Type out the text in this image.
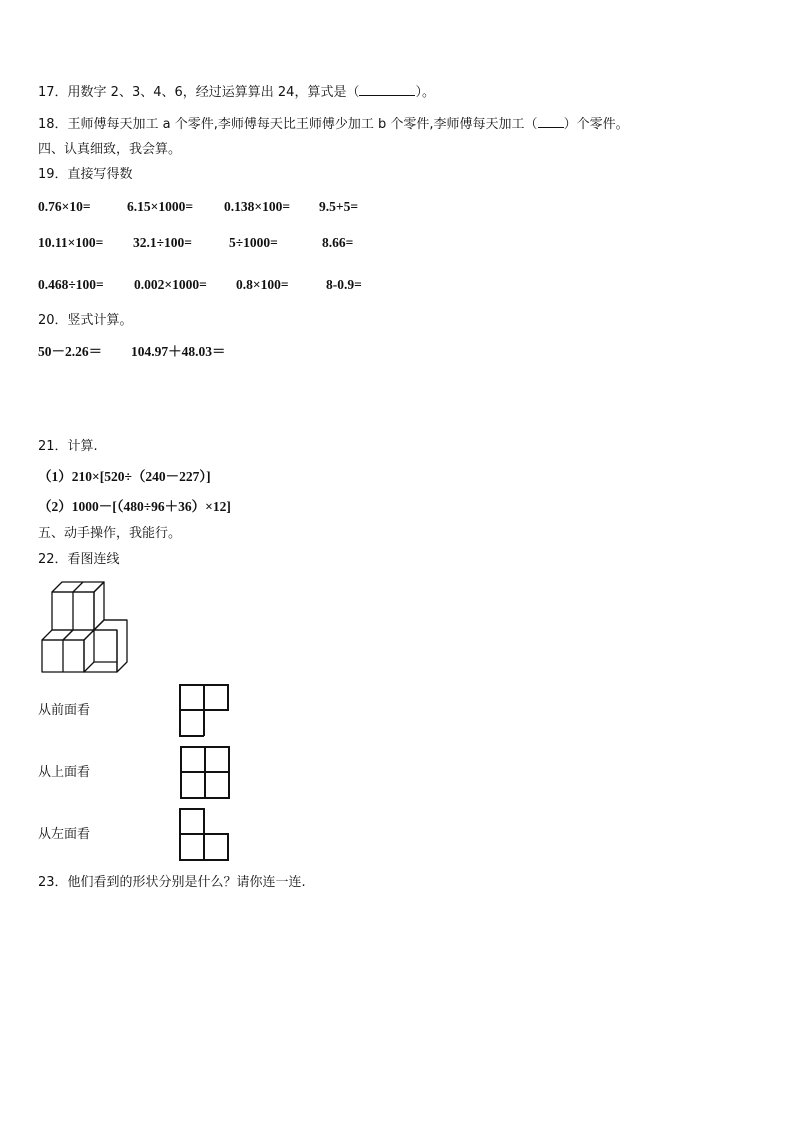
17．用数字 2、3、4、6，经过运算算出 24，算式是（	）。
18．王师傅每天加工 a 个零件,李师傅每天比王师傅少加工 b 个零件,李师傅每天加工（ ）个零件。
四、认真细致，我会算。
19．直接写得数
0.76×10=	6.15×1000= 0.138×100= 9.5+5=
10.11×100= 32.1÷100=	5÷1000=	8.66=
0.468÷100= 0.002×1000= 0.8×100=	8-0.9=
20．竖式计算。
50－2.26＝ 104.97＋48.03＝
21．计算.
（1）210×[520÷（240－227）]
（2）1000－[（480÷96＋36）×12]
五、动手操作，我能行。
22．看图连线
从前面看
从上面看
从左面看
23．他们看到的形状分别是什么？请你连一连.
